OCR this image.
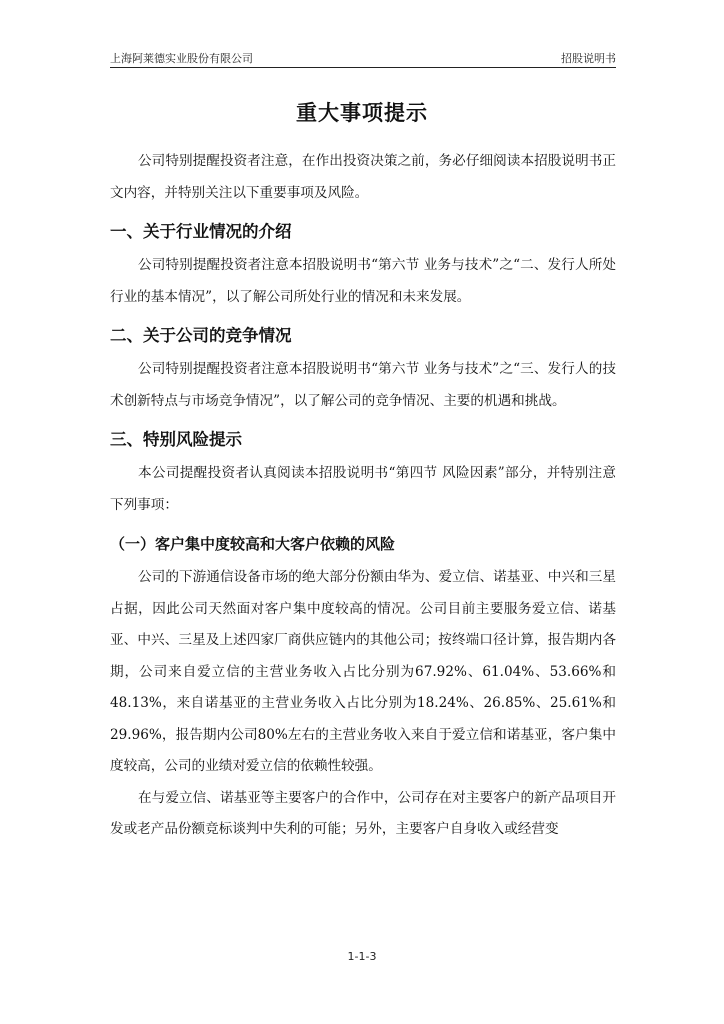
上海阿莱德实业股份有限公司	招股说明书
重大事项提示

公司特别提醒投资者注意，在作出投资决策之前，务必仔细阅读本招股说明书正文内容，并特别关注以下重要事项及风险。

一、关于行业情况的介绍

公司特别提醒投资者注意本招股说明书“第六节 业务与技术”之“二、发行人所处行业的基本情况”，以了解公司所处行业的情况和未来发展。

二、关于公司的竞争情况

公司特别提醒投资者注意本招股说明书“第六节 业务与技术”之“三、发行人的技术创新特点与市场竞争情况”，以了解公司的竞争情况、主要的机遇和挑战。

三、特别风险提示

本公司提醒投资者认真阅读本招股说明书“第四节 风险因素”部分，并特别注意下列事项：

（一）客户集中度较高和大客户依赖的风险

公司的下游通信设备市场的绝大部分份额由华为、爱立信、诺基亚、中兴和三星占据，因此公司天然面对客户集中度较高的情况。公司目前主要服务爱立信、诺基亚、中兴、三星及上述四家厂商供应链内的其他公司；按终端口径计算，报告期内各期，公司来自爱立信的主营业务收入占比分别为67.92%、61.04%、53.66%和48.13%，来自诺基亚的主营业务收入占比分别为18.24%、26.85%、25.61%和29.96%，报告期内公司80%左右的主营业务收入来自于爱立信和诺基亚，客户集中度较高，公司的业绩对爱立信的依赖性较强。

在与爱立信、诺基亚等主要客户的合作中，公司存在对主要客户的新产品项目开发或老产品份额竞标谈判中失利的可能；另外，主要客户自身收入或经营变

1-1-3
